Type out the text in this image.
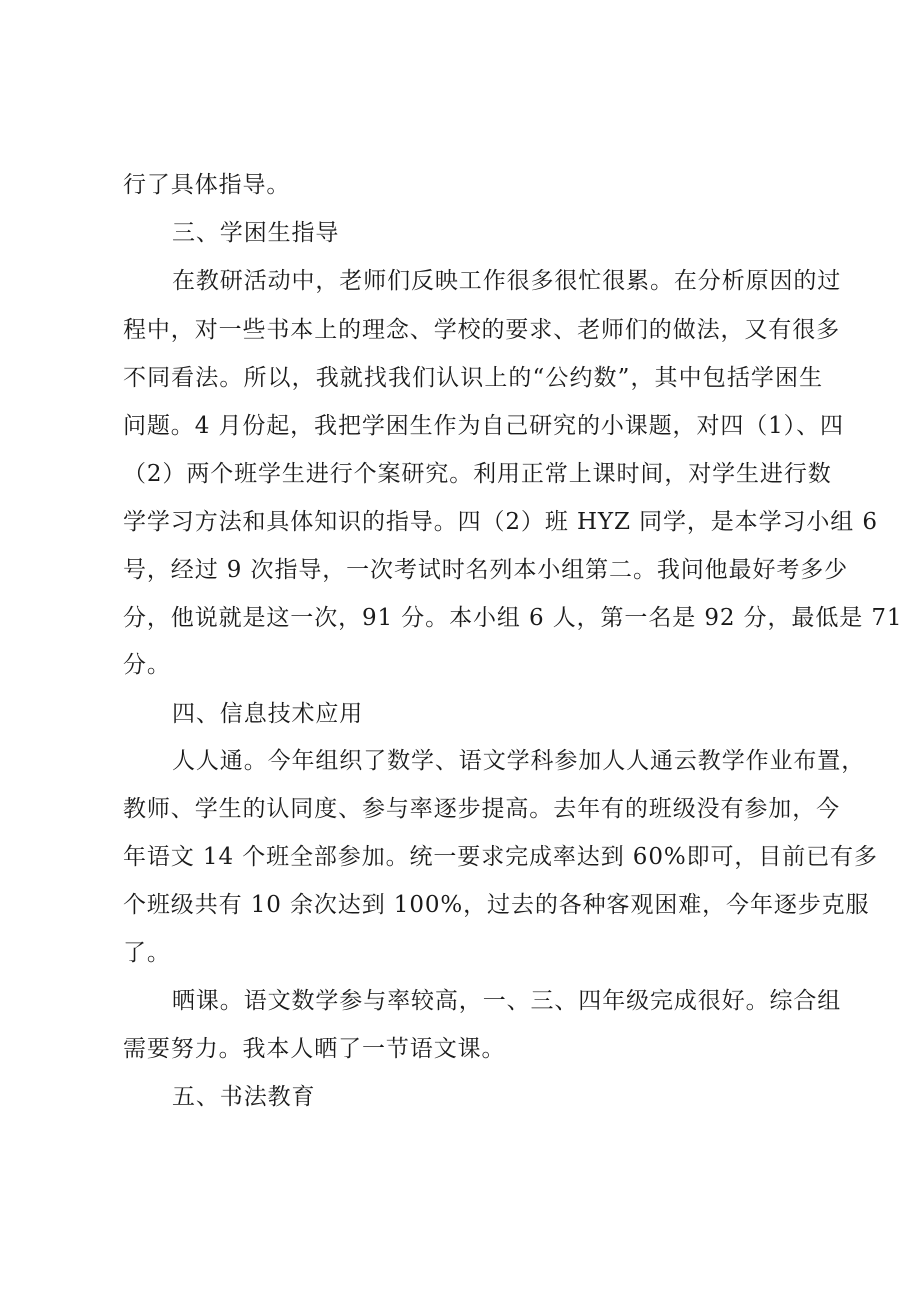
行了具体指导。
三、学困生指导
在教研活动中，老师们反映工作很多很忙很累。在分析原因的过
程中，对一些书本上的理念、学校的要求、老师们的做法，又有很多
不同看法。所以，我就找我们认识上的“公约数”，其中包括学困生
问题。4 月份起，我把学困生作为自己研究的小课题，对四（1）、四
（2）两个班学生进行个案研究。利用正常上课时间，对学生进行数
学学习方法和具体知识的指导。四（2）班 HYZ 同学，是本学习小组 6
号，经过 9 次指导，一次考试时名列本小组第二。我问他最好考多少
分，他说就是这一次，91 分。本小组 6 人，第一名是 92 分，最低是 71
分。
四、信息技术应用
人人通。今年组织了数学、语文学科参加人人通云教学作业布置，
教师、学生的认同度、参与率逐步提高。去年有的班级没有参加，今
年语文 14 个班全部参加。统一要求完成率达到 60%即可，目前已有多
个班级共有 10 余次达到 100%，过去的各种客观困难，今年逐步克服
了。
晒课。语文数学参与率较高，一、三、四年级完成很好。综合组
需要努力。我本人晒了一节语文课。
五、书法教育
